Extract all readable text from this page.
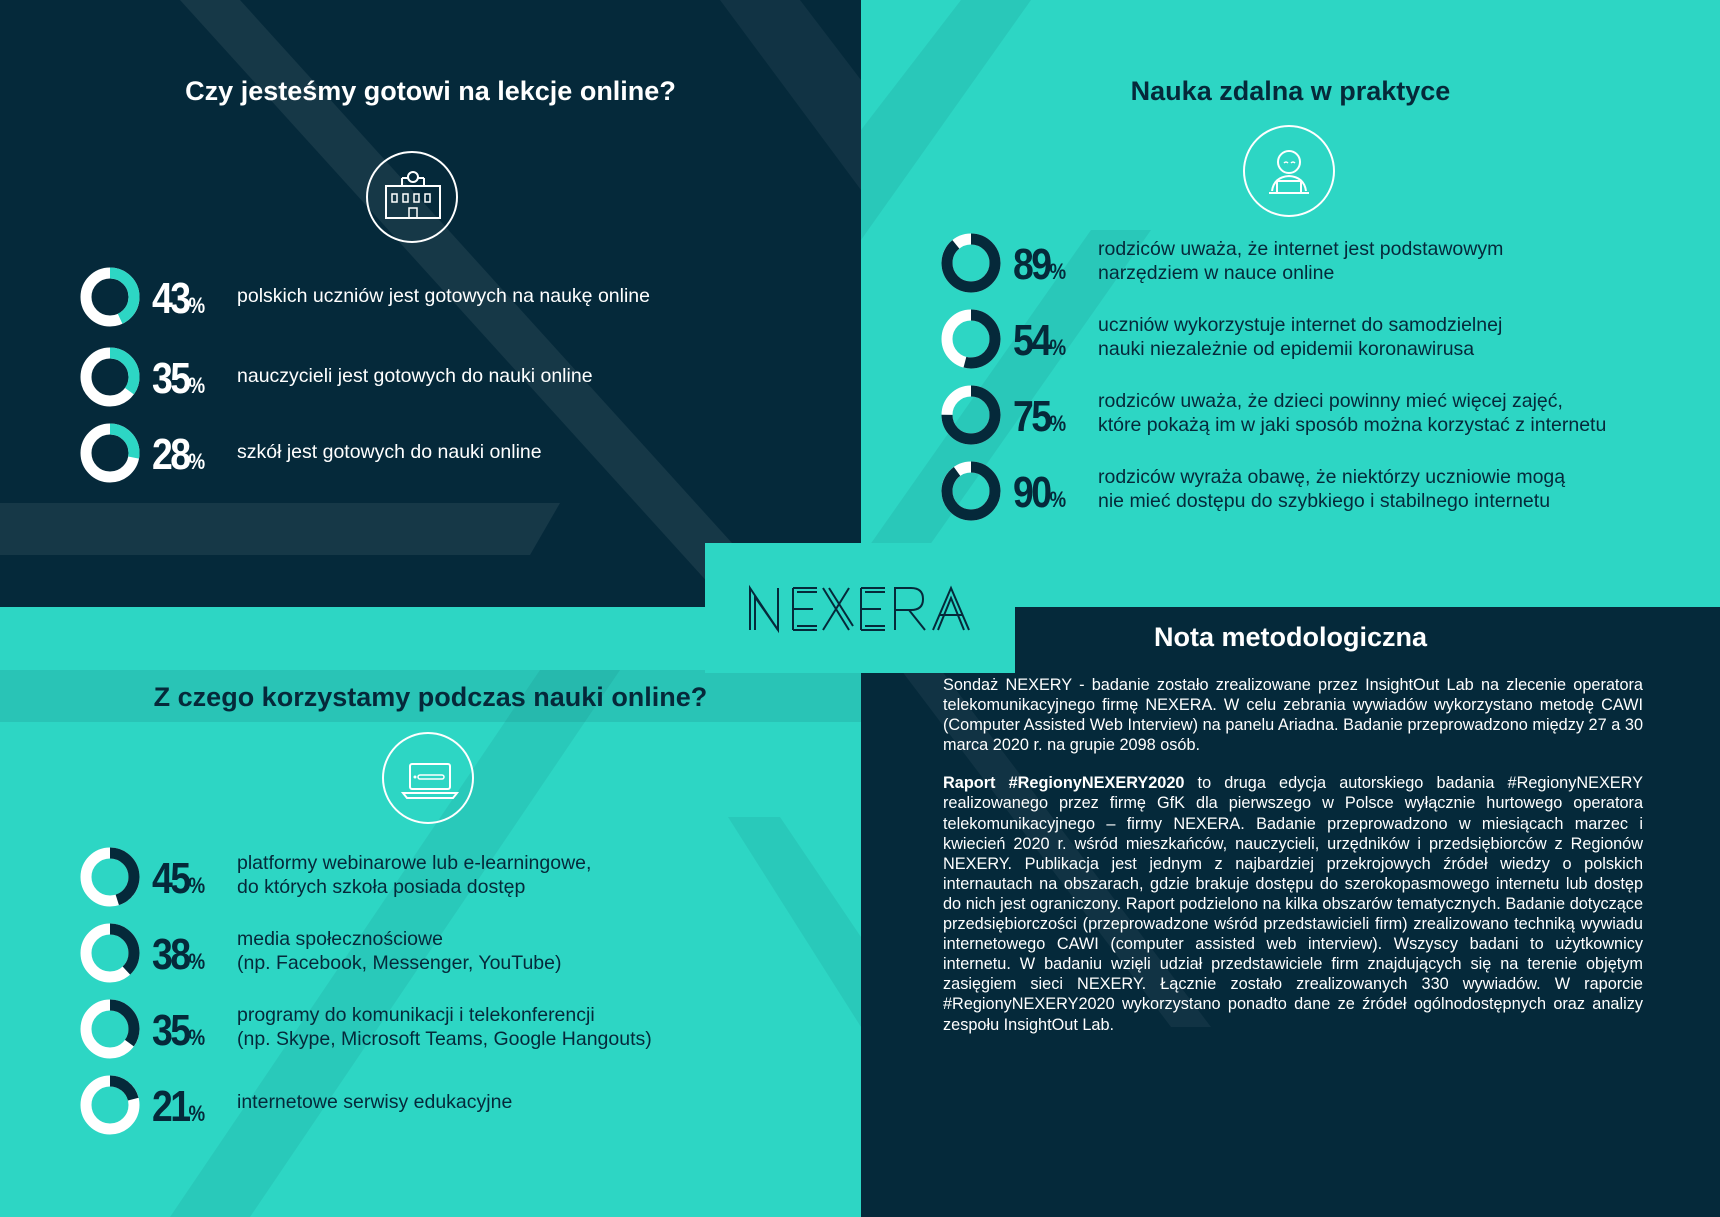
Czy jesteśmy gotowi na lekcje online?
43% polskich uczniów jest gotowych na naukę online
35% nauczycieli jest gotowych do nauki online
28% szkół jest gotowych do nauki online
Nauka zdalna w praktyce
89%
rodziców uważa, że internet jest podstawowym
narzędziem w nauce online
54%
uczniów wykorzystuje internet do samodzielnej
nauki niezależnie od epidemii koronawirusa
75%
rodziców uważa, że dzieci powinny mieć więcej zajęć,
które pokażą im w jaki sposób można korzystać z internetu
90%
rodziców wyraża obawę, że niektórzy uczniowie mogą
nie mieć dostępu do szybkiego i stabilnego internetu
Z czego korzystamy podczas nauki online?
45%
platformy webinarowe lub e-learningowe,
do których szkoła posiada dostęp
38%
media społecznościowe
(np. Facebook, Messenger, YouTube)
35%
programy do komunikacji i telekonferencji
(np. Skype, Microsoft Teams, Google Hangouts)
21% internetowe serwisy edukacyjne
Nota metodologiczna

Sondaż NEXERY - badanie zostało zrealizowane przez InsightOut Lab na zlecenie operatora telekomunikacyjnego firmę NEXERA. W celu zebrania wywiadów wykorzystano metodę CAWI (Computer Assisted Web Interview) na panelu Ariadna. Badanie przeprowadzono między 27 a 30 marca 2020 r. na grupie 2098 osób.

Raport #RegionyNEXERY2020 to druga edycja autorskiego badania #RegionyNEXERY realizowanego przez firmę GfK dla pierwszego w Polsce wyłącznie hurtowego operatora telekomunikacyjnego – firmy NEXERA. Badanie przeprowadzono w miesiącach marzec i kwiecień 2020 r. wśród mieszkańców, nauczycieli, urzędników i przedsiębiorców z Regionów NEXERY. Publikacja jest jednym z najbardziej przekrojowych źródeł wiedzy o polskich internautach na obszarach, gdzie brakuje dostępu do szerokopasmowego internetu lub dostęp do nich jest ograniczony. Raport podzielono na kilka obszarów tematycznych. Badanie dotyczące przedsiębiorczości (przeprowadzone wśród przedstawicieli firm) zrealizowano techniką wywiadu internetowego CAWI (computer assisted web interview). Wszyscy badani to użytkownicy internetu. W badaniu wzięli udział przedstawiciele firm znajdujących się na terenie objętym zasięgiem sieci NEXERY. Łącznie zostało zrealizowanych 330 wywiadów. W raporcie #RegionyNEXERY2020 wykorzystano ponadto dane ze źródeł ogólnodostępnych oraz analizy zespołu InsightOut Lab.
